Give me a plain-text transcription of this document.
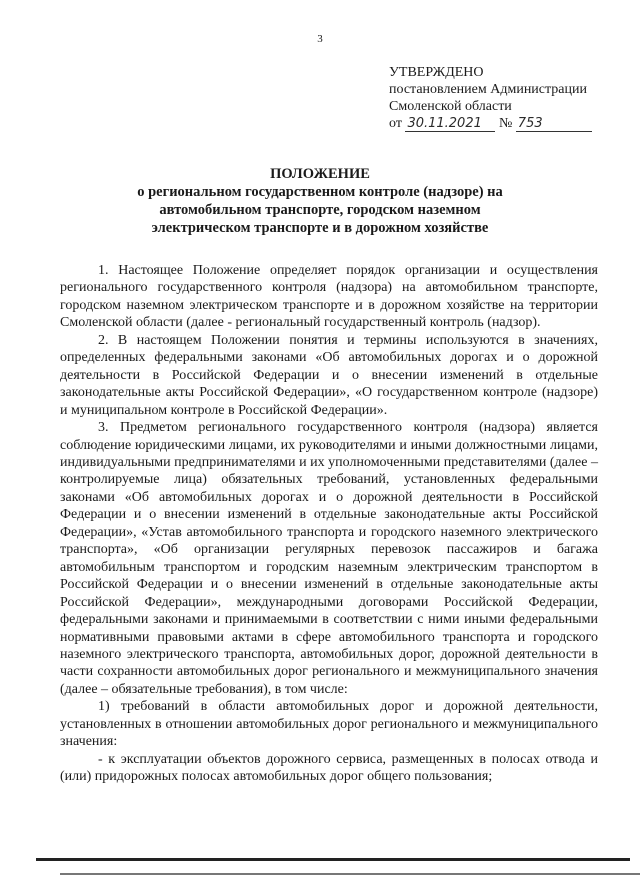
3
УТВЕРЖДЕНО
постановлением Администрации
Смоленской области
от 30.11.2021 № 753
ПОЛОЖЕНИЕ
о региональном государственном контроле (надзоре) на
автомобильном транспорте, городском наземном
электрическом транспорте и в дорожном хозяйстве

1. Настоящее Положение определяет порядок организации и осуществления регионального государственного контроля (надзора) на автомобильном транспорте, городском наземном электрическом транспорте и в дорожном хозяйстве на территории Смоленской области (далее - региональный государственный контроль (надзор).

2. В настоящем Положении понятия и термины используются в значениях, определенных федеральными законами «Об автомобильных дорогах и о дорожной деятельности в Российской Федерации и о внесении изменений в отдельные законодательные акты Российской Федерации», «О государственном контроле (надзоре) и муниципальном контроле в Российской Федерации».

3. Предметом регионального государственного контроля (надзора) является соблюдение юридическими лицами, их руководителями и иными должностными лицами, индивидуальными предпринимателями и их уполномоченными представителями (далее – контролируемые лица) обязательных требований, установленных федеральными законами «Об автомобильных дорогах и о дорожной деятельности в Российской Федерации и о внесении изменений в отдельные законодательные акты Российской Федерации», «Устав автомобильного транспорта и городского наземного электрического транспорта», «Об организации регулярных перевозок пассажиров и багажа автомобильным транспортом и городским наземным электрическим транспортом в Российской Федерации и о внесении изменений в отдельные законодательные акты Российской Федерации», международными договорами Российской Федерации, федеральными законами и принимаемыми в соответствии с ними иными федеральными нормативными правовыми актами в сфере автомобильного транспорта и городского наземного электрического транспорта, автомобильных дорог, дорожной деятельности в части сохранности автомобильных дорог регионального и межмуниципального значения (далее – обязательные требования), в том числе:

1) требований в области автомобильных дорог и дорожной деятельности, установленных в отношении автомобильных дорог регионального и межмуниципального значения:

- к эксплуатации объектов дорожного сервиса, размещенных в полосах отвода и (или) придорожных полосах автомобильных дорог общего пользования;
